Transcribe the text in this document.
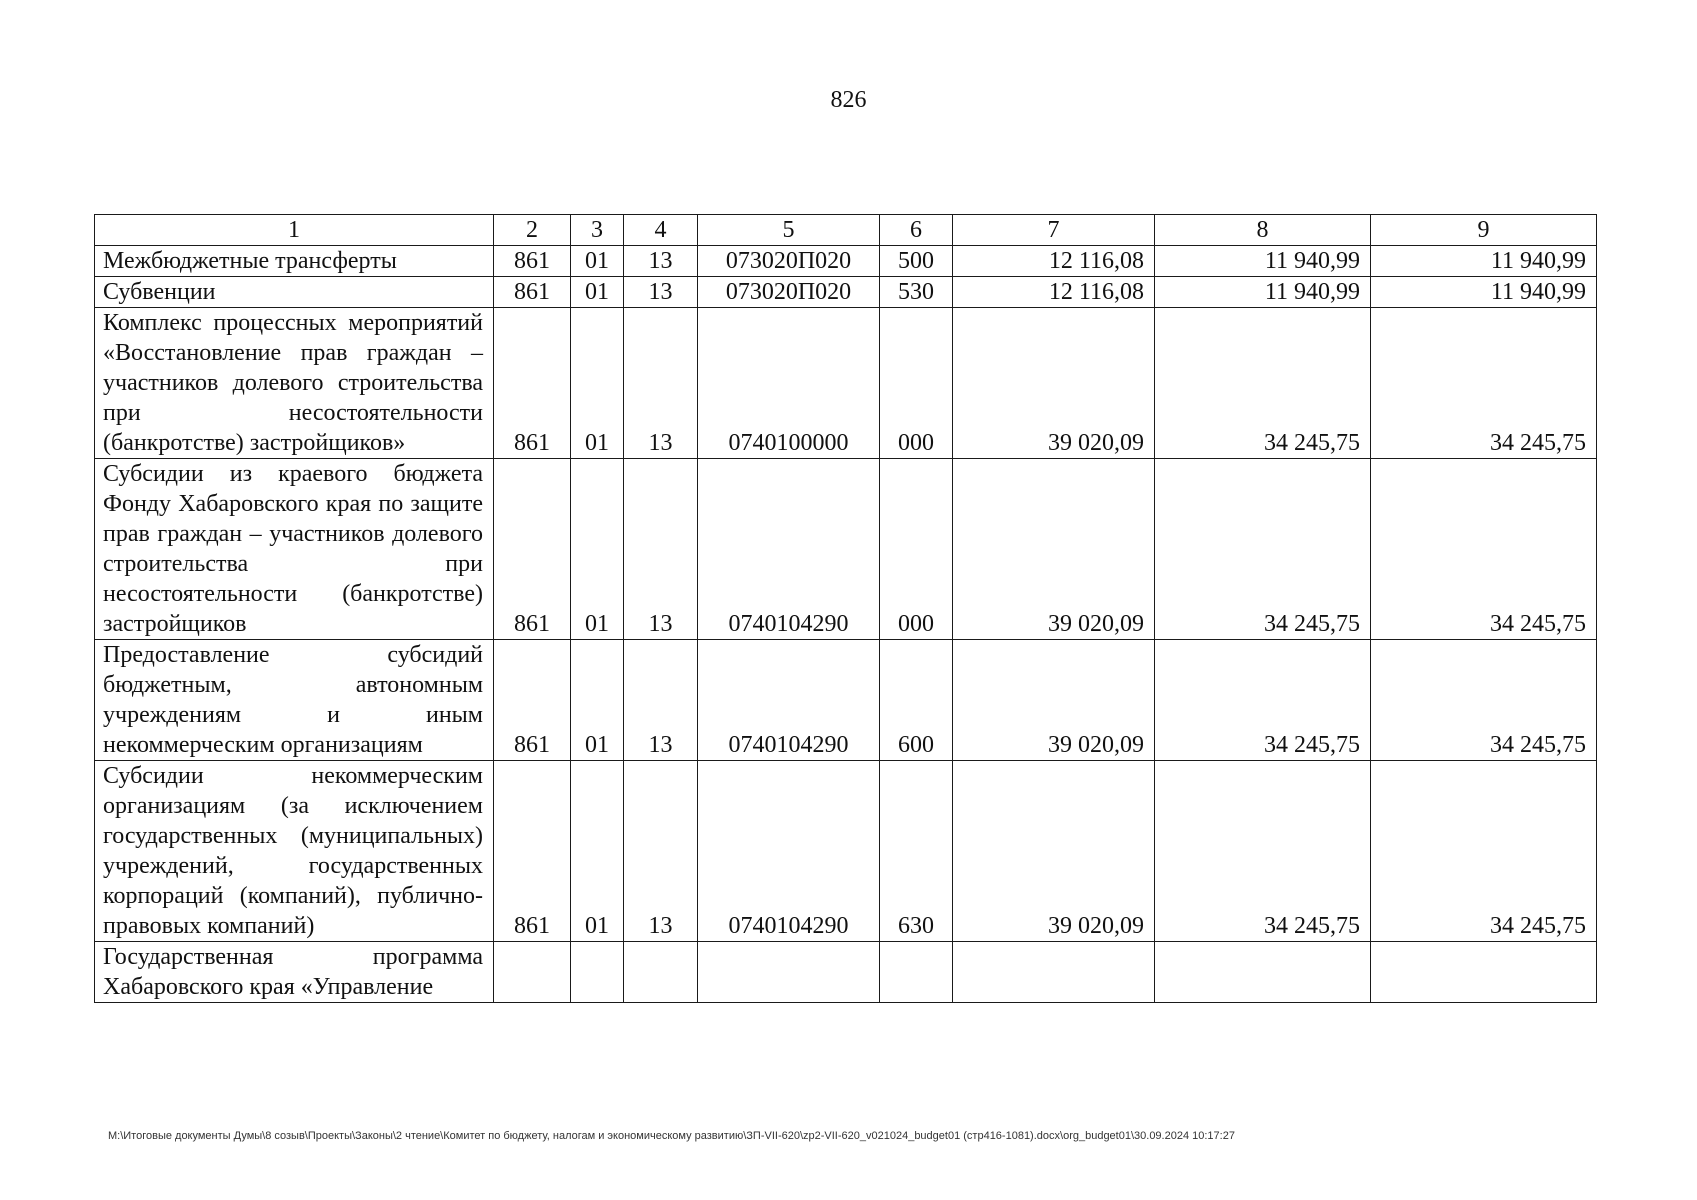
826
1	2	3	4	5	6	7	8	9
Межбюджетные трансферты	861	01	13	073020П020	500	12 116,08	11 940,99	11 940,99
Субвенции	861	01	13	073020П020	530	12 116,08	11 940,99	11 940,99
Комплекс процессных мероприятий «Восстановление прав граждан – участников долевого строительства при несостоятельности (банкротстве) застройщиков»	861	01	13	0740100000	000	39 020,09	34 245,75	34 245,75
Субсидии из краевого бюджета Фонду Хабаровского края по защите прав граждан – участников долевого строительства при несостоятельности (банкротстве) застройщиков	861	01	13	0740104290	000	39 020,09	34 245,75	34 245,75
Предоставление субсидий бюджетным, автономным учреждениям и иным некоммерческим организациям	861	01	13	0740104290	600	39 020,09	34 245,75	34 245,75
Субсидии некоммерческим организациям (за исключением государственных (муниципальных) учреждений, государственных корпораций (компаний), публично-правовых компаний)	861	01	13	0740104290	630	39 020,09	34 245,75	34 245,75
Государственная программа Хабаровского края «Управление								
M:\Итоговые документы Думы\8 созыв\Проекты\Законы\2 чтение\Комитет по бюджету, налогам и экономическому развитию\ЗП-VII-620\zp2-VII-620_v021024_budget01 (стр416-1081).docx\org_budget01\30.09.2024 10:17:27
